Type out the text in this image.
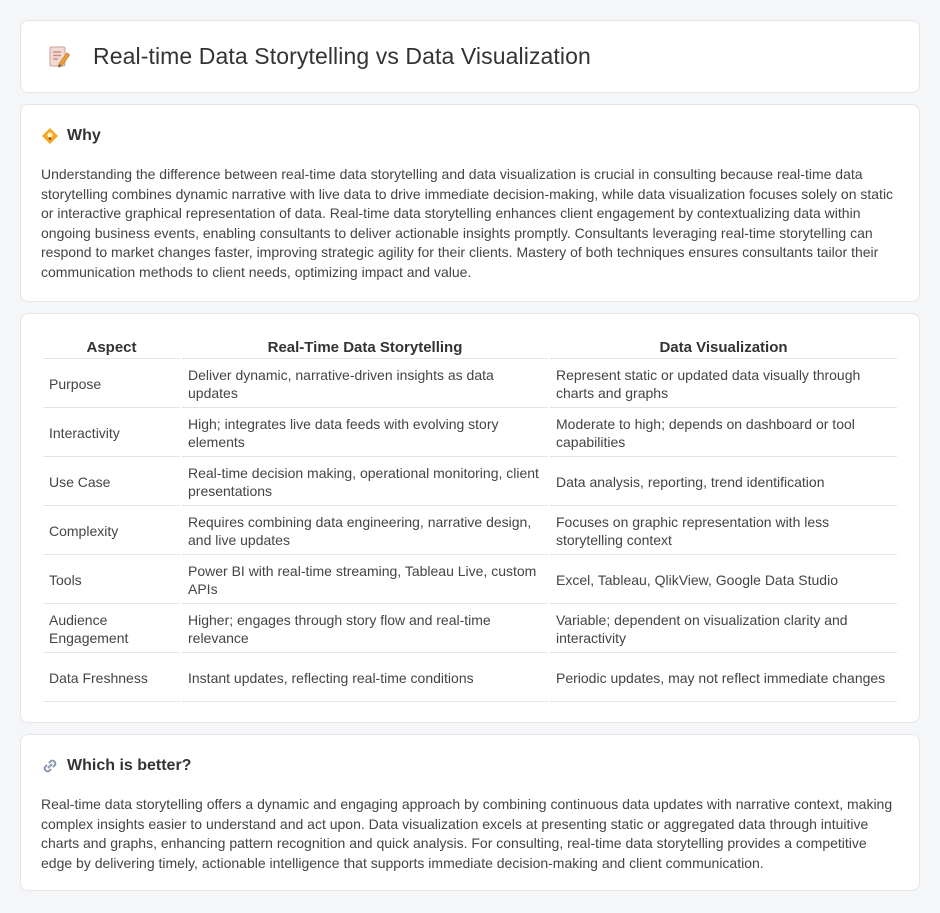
Real-time Data Storytelling vs Data Visualization
Why

Understanding the difference between real-time data storytelling and data visualization is crucial in consulting because real-time data storytelling combines dynamic narrative with live data to drive immediate decision-making, while data visualization focuses solely on static or interactive graphical representation of data. Real-time data storytelling enhances client engagement by contextualizing data within ongoing business events, enabling consultants to deliver actionable insights promptly. Consultants leveraging real-time storytelling can respond to market changes faster, improving strategic agility for their clients. Mastery of both techniques ensures consultants tailor their communication methods to client needs, optimizing impact and value.

Aspect	Real-Time Data Storytelling	Data Visualization
Purpose	Deliver dynamic, narrative-driven insights as data updates	Represent static or updated data visually through charts and graphs
Interactivity	High; integrates live data feeds with evolving story elements	Moderate to high; depends on dashboard or tool capabilities
Use Case	Real-time decision making, operational monitoring, client presentations	Data analysis, reporting, trend identification
Complexity	Requires combining data engineering, narrative design, and live updates	Focuses on graphic representation with less storytelling context
Tools	Power BI with real-time streaming, Tableau Live, custom APIs	Excel, Tableau, QlikView, Google Data Studio
Audience Engagement	Higher; engages through story flow and real-time relevance	Variable; dependent on visualization clarity and interactivity
Data Freshness	Instant updates, reflecting real-time conditions	Periodic updates, may not reflect immediate changes
Which is better?

Real-time data storytelling offers a dynamic and engaging approach by combining continuous data updates with narrative context, making complex insights easier to understand and act upon. Data visualization excels at presenting static or aggregated data through intuitive charts and graphs, enhancing pattern recognition and quick analysis. For consulting, real-time data storytelling provides a competitive edge by delivering timely, actionable intelligence that supports immediate decision-making and client communication.
